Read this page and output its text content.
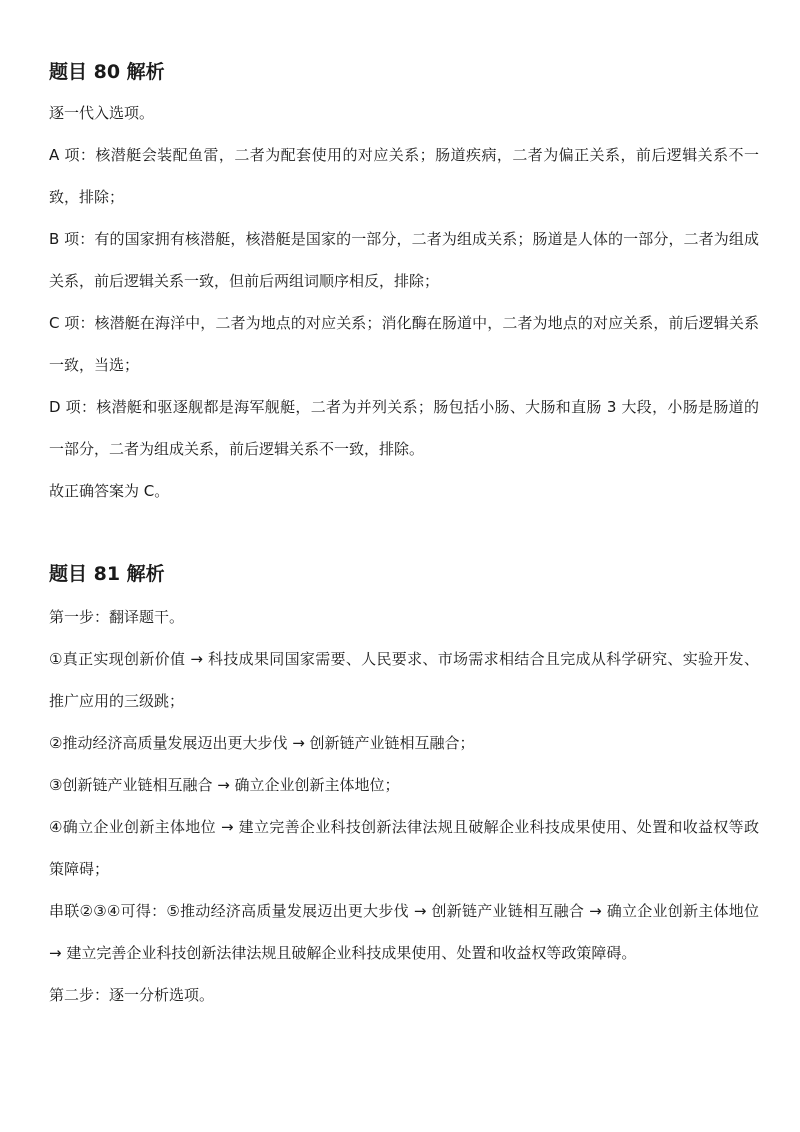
题目 80 解析

逐一代入选项。

A 项：核潜艇会装配鱼雷，二者为配套使用的对应关系；肠道疾病，二者为偏正关系，前后逻辑关系不一致，排除；

B 项：有的国家拥有核潜艇，核潜艇是国家的一部分，二者为组成关系；肠道是人体的一部分，二者为组成关系，前后逻辑关系一致，但前后两组词顺序相反，排除；

C 项：核潜艇在海洋中，二者为地点的对应关系；消化酶在肠道中，二者为地点的对应关系，前后逻辑关系一致，当选；

D 项：核潜艇和驱逐舰都是海军舰艇，二者为并列关系；肠包括小肠、大肠和直肠 3 大段，小肠是肠道的一部分，二者为组成关系，前后逻辑关系不一致，排除。

故正确答案为 C。

题目 81 解析

第一步：翻译题干。

①真正实现创新价值 → 科技成果同国家需要、人民要求、市场需求相结合且完成从科学研究、实验开发、推广应用的三级跳；

②推动经济高质量发展迈出更大步伐 → 创新链产业链相互融合；

③创新链产业链相互融合 → 确立企业创新主体地位；

④确立企业创新主体地位 → 建立完善企业科技创新法律法规且破解企业科技成果使用、处置和收益权等政策障碍；

串联②③④可得：⑤推动经济高质量发展迈出更大步伐 → 创新链产业链相互融合 → 确立企业创新主体地位 → 建立完善企业科技创新法律法规且破解企业科技成果使用、处置和收益权等政策障碍。

第二步：逐一分析选项。
